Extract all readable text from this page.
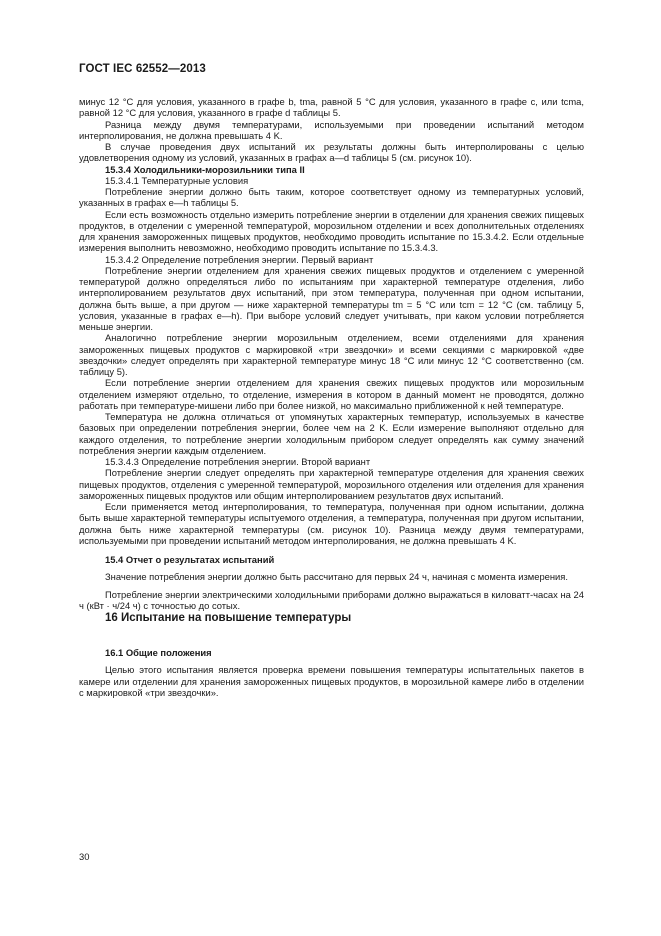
ГОСТ IEC 62552—2013

минус 12 °C для условия, указанного в графе b, tma, равной 5 °C для условия, указанного в графе c, или tcma, равной 12 °C для условия, указанного в графе d таблицы 5.

Разница между двумя температурами, используемыми при проведении испытаний методом интерполирования, не должна превышать 4 K.

В случае проведения двух испытаний их результаты должны быть интерполированы с целью удовлетворения одному из условий, указанных в графах a—d таблицы 5 (см. рисунок 10).

15.3.4 Холодильники-морозильники типа II

15.3.4.1 Температурные условия

Потребление энергии должно быть таким, которое соответствует одному из температурных условий, указанных в графах e—h таблицы 5.

Если есть возможность отдельно измерить потребление энергии в отделении для хранения свежих пищевых продуктов, в отделении с умеренной температурой, морозильном отделении и всех дополнительных отделениях для хранения замороженных пищевых продуктов, необходимо проводить испытание по 15.3.4.2. Если отдельные измерения выполнить невозможно, необходимо проводить испытание по 15.3.4.3.

15.3.4.2 Определение потребления энергии. Первый вариант

Потребление энергии отделением для хранения свежих пищевых продуктов и отделением с умеренной температурой должно определяться либо по испытаниям при характерной температуре отделения, либо интерполированием результатов двух испытаний, при этом температура, полученная при одном испытании, должна быть выше, а при другом — ниже характерной температуры tm = 5 °C или tcm = 12 °C (см. таблицу 5, условия, указанные в графах e—h). При выборе условий следует учитывать, при каком условии потребляется меньше энергии.

Аналогично потребление энергии морозильным отделением, всеми отделениями для хранения замороженных пищевых продуктов с маркировкой «три звездочки» и всеми секциями с маркировкой «две звездочки» следует определять при характерной температуре минус 18 °C или минус 12 °C соответственно (см. таблицу 5).

Если потребление энергии отделением для хранения свежих пищевых продуктов или морозильным отделением измеряют отдельно, то отделение, измерения в котором в данный момент не проводятся, должно работать при температуре-мишени либо при более низкой, но максимально приближенной к ней температуре.

Температура не должна отличаться от упомянутых характерных температур, используемых в качестве базовых при определении потребления энергии, более чем на 2 K. Если измерение выполняют отдельно для каждого отделения, то потребление энергии холодильным прибором следует определять как сумму значений потребления энергии каждым отделением.

15.3.4.3 Определение потребления энергии. Второй вариант

Потребление энергии следует определять при характерной температуре отделения для хранения свежих пищевых продуктов, отделения с умеренной температурой, морозильного отделения или отделения для хранения замороженных пищевых продуктов или общим интерполированием результатов двух испытаний.

Если применяется метод интерполирования, то температура, полученная при одном испытании, должна быть выше характерной температуры испытуемого отделения, а температура, полученная при другом испытании, должна быть ниже характерной температуры (см. рисунок 10). Разница между двумя температурами, используемыми при проведении испытаний методом интерполирования, не должна превышать 4 K.

15.4 Отчет о результатах испытаний

Значение потребления энергии должно быть рассчитано для первых 24 ч, начиная с момента измерения.

Потребление энергии электрическими холодильными приборами должно выражаться в киловатт-часах на 24 ч (кВт · ч/24 ч) с точностью до сотых.

16 Испытание на повышение температуры

16.1 Общие положения

Целью этого испытания является проверка времени повышения температуры испытательных пакетов в камере или отделении для хранения замороженных пищевых продуктов, в морозильной камере либо в отделении с маркировкой «три звездочки».

30
